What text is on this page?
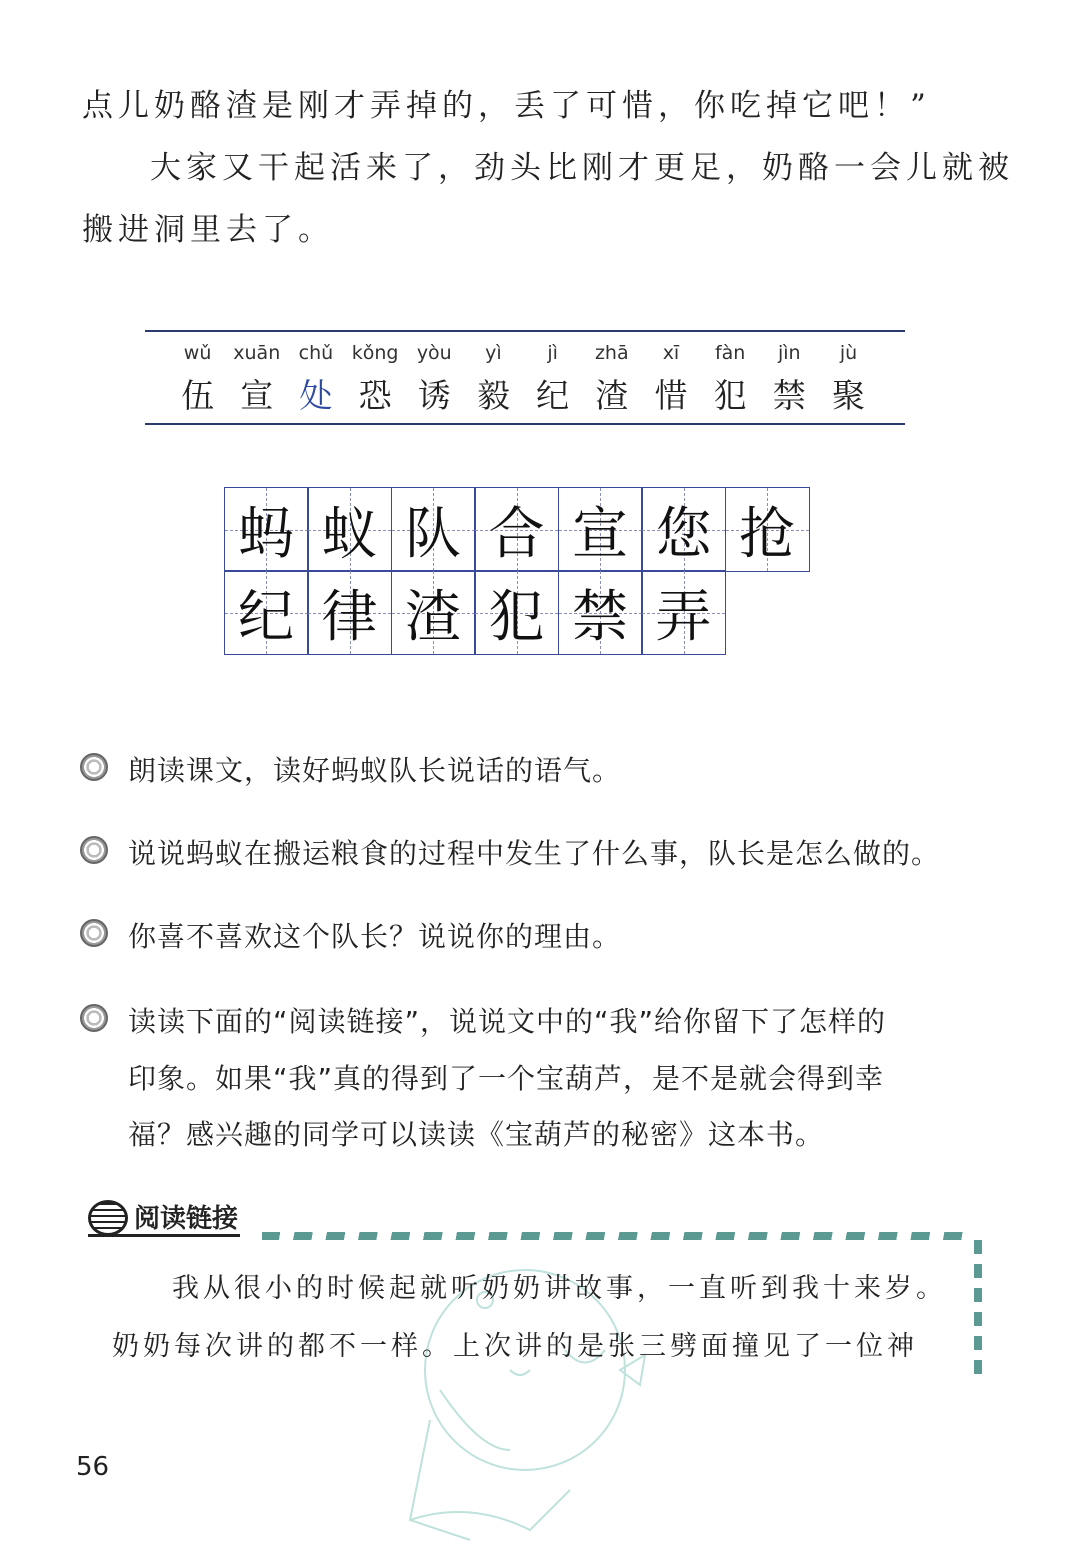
点儿奶酪渣是刚才弄掉的，丢了可惜，你吃掉它吧！”
大家又干起活来了，劲头比刚才更足，奶酪一会儿就被
搬进洞里去了。
wǔ
伍
xuān
宣
chǔ
处
kǒng
恐
yòu
诱
yì
毅
jì
纪
zhā
渣
xī
惜
fàn
犯
jìn
禁
jù
聚
蚂 蚁 队 合 宣 您 抢
纪 律 渣 犯 禁 弄
朗读课文，读好蚂蚁队长说话的语气。
说说蚂蚁在搬运粮食的过程中发生了什么事，队长是怎么做的。
你喜不喜欢这个队长？说说你的理由。
读读下面的“阅读链接”，说说文中的“我”给你留下了怎样的
印象。如果“我”真的得到了一个宝葫芦，是不是就会得到幸
福？感兴趣的同学可以读读《宝葫芦的秘密》这本书。
阅读链接
我从很小的时候起就听奶奶讲故事，一直听到我十来岁。
奶奶每次讲的都不一样。上次讲的是张三劈面撞见了一位神
56
